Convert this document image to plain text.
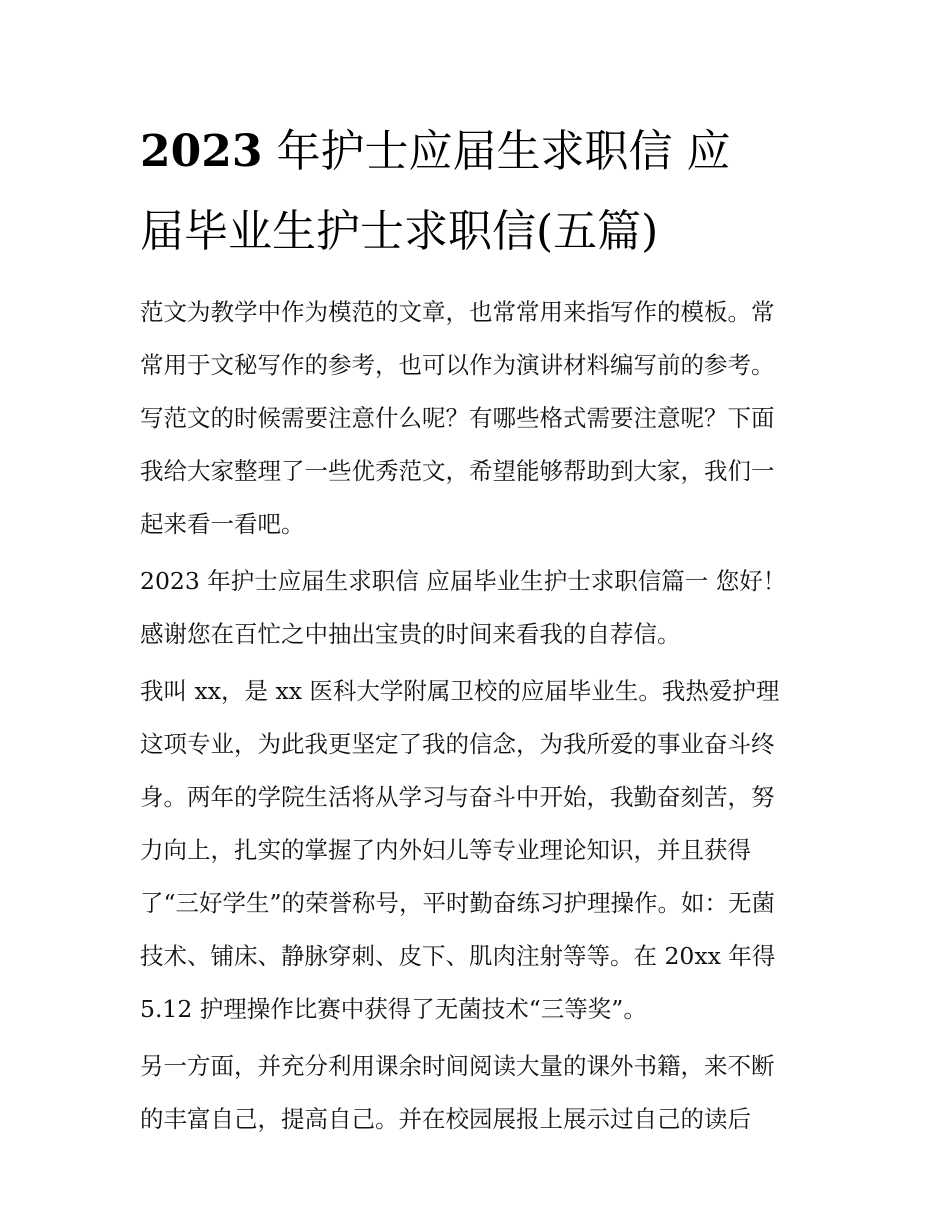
2023 年护士应届生求职信 应
届毕业生护士求职信(五篇)
范文为教学中作为模范的文章，也常常用来指写作的模板。常
常用于文秘写作的参考，也可以作为演讲材料编写前的参考。
写范文的时候需要注意什么呢？有哪些格式需要注意呢？下面
我给大家整理了一些优秀范文，希望能够帮助到大家，我们一
起来看一看吧。
2023 年护士应届生求职信 应届毕业生护士求职信篇一 您好！
感谢您在百忙之中抽出宝贵的时间来看我的自荐信。
我叫 xx，是 xx 医科大学附属卫校的应届毕业生。我热爱护理
这项专业，为此我更坚定了我的信念，为我所爱的事业奋斗终
身。两年的学院生活将从学习与奋斗中开始，我勤奋刻苦，努
力向上，扎实的掌握了内外妇儿等专业理论知识，并且获得
了“三好学生”的荣誉称号，平时勤奋练习护理操作。如：无菌
技术、铺床、静脉穿刺、皮下、肌肉注射等等。在 20xx 年得
5.12 护理操作比赛中获得了无菌技术“三等奖”。
另一方面，并充分利用课余时间阅读大量的课外书籍，来不断
的丰富自己，提高自己。并在校园展报上展示过自己的读后
